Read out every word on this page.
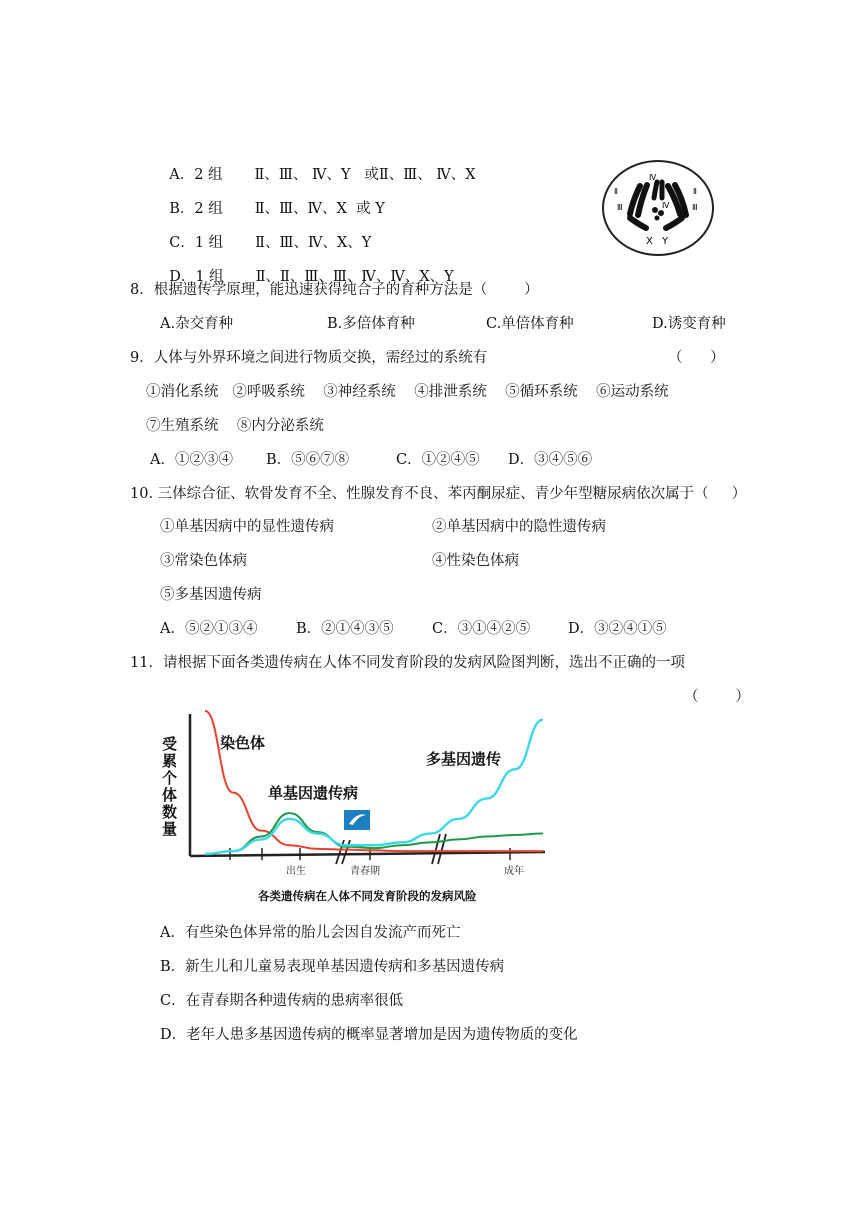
A．2 组 Ⅱ、Ⅲ、 Ⅳ、Y   或Ⅱ、Ⅲ、 Ⅳ、X

B．2 组 Ⅱ、Ⅲ、Ⅳ、X  或 Y

C．1 组 Ⅱ、Ⅲ、Ⅳ、X、Y

D．1 组 Ⅱ、Ⅱ、Ⅲ、Ⅲ、Ⅳ、Ⅳ、X、Y

Ⅱ
Ⅲ
Ⅳ
Ⅱ
Ⅲ
Ⅳ
X Y
8．根据遗传学原理，能迅速获得纯合子的育种方法是（        ）
A.杂交育种	B.多倍体育种	C.单倍体育种	D.诱变育种
9．人体与外界环境之间进行物质交换，需经过的系统有	（      ）
①消化系统   ②呼吸系统    ③神经系统    ④排泄系统    ⑤循环系统    ⑥运动系统
⑦生殖系统    ⑧内分泌系统
A．①②③④ B．⑤⑥⑦⑧	C．①②④⑤ D．③④⑤⑥
10. 三体综合征、软骨发育不全、性腺发育不良、苯丙酮尿症、青少年型糖尿病依次属于（     ）
①单基因病中的显性遗传病	②单基因病中的隐性遗传病
③常染色体病	④性染色体病
⑤多基因遗传病
A．⑤②①③④	B．②①④③⑤	C．③①④②⑤	D．③②④①⑤
11．请根据下面各类遗传病在人体不同发育阶段的发病风险图判断，选出不正确的一项
（        ）
染色体
单基因遗传病
多基因遗传
出生	青春期	成年
各类遗传病在人体不同发育阶段的发病风险
受累个体数量
A．有些染色体异常的胎儿会因自发流产而死亡
B．新生儿和儿童易表现单基因遗传病和多基因遗传病
C．在青春期各种遗传病的患病率很低
D．老年人患多基因遗传病的概率显著增加是因为遗传物质的变化
